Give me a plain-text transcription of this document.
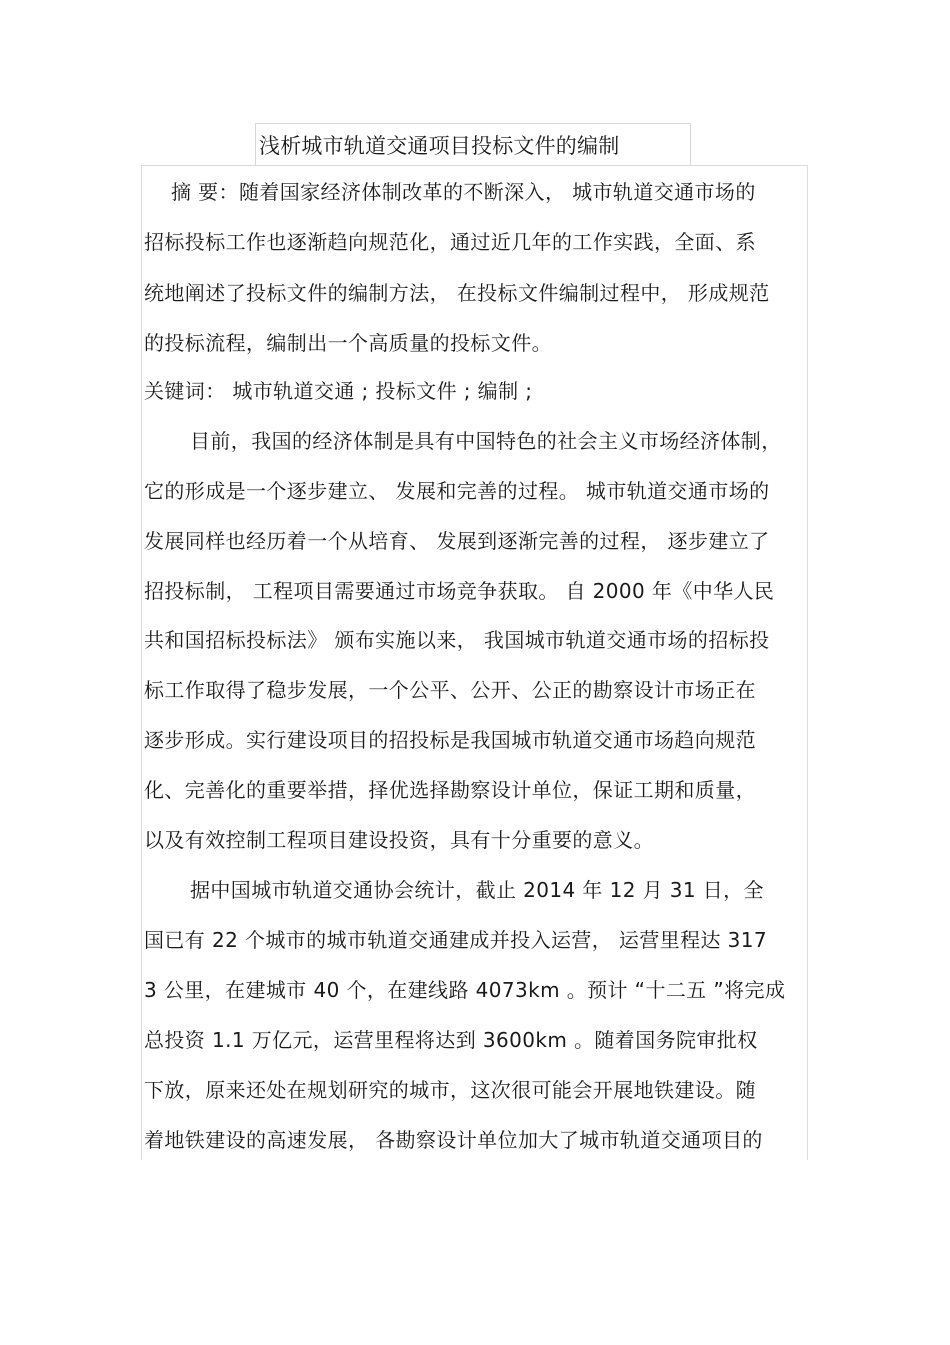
浅析城市轨道交通项目投标文件的编制
摘 要：随着国家经济体制改革的不断深入， 城市轨道交通市场的
招标投标工作也逐渐趋向规范化，通过近几年的工作实践，全面、系
统地阐述了投标文件的编制方法， 在投标文件编制过程中， 形成规范
的投标流程，编制出一个高质量的投标文件。
关键词： 城市轨道交通 ; 投标文件 ; 编制 ;
目前，我国的经济体制是具有中国特色的社会主义市场经济体制，
它的形成是一个逐步建立、 发展和完善的过程。 城市轨道交通市场的
发展同样也经历着一个从培育、 发展到逐渐完善的过程， 逐步建立了
招投标制， 工程项目需要通过市场竞争获取。 自 2000 年《中华人民
共和国招标投标法》 颁布实施以来， 我国城市轨道交通市场的招标投
标工作取得了稳步发展，一个公平、公开、公正的勘察设计市场正在
逐步形成。实行建设项目的招投标是我国城市轨道交通市场趋向规范
化、完善化的重要举措，择优选择勘察设计单位，保证工期和质量，
以及有效控制工程项目建设投资，具有十分重要的意义。
据中国城市轨道交通协会统计，截止 2014 年 12 月 31 日，全
国已有 22 个城市的城市轨道交通建成并投入运营， 运营里程达 317
3 公里，在建城市 40 个，在建线路 4073km 。预计 “十二五 ”将完成
总投资 1.1 万亿元，运营里程将达到 3600km 。随着国务院审批权
下放，原来还处在规划研究的城市，这次很可能会开展地铁建设。随
着地铁建设的高速发展， 各勘察设计单位加大了城市轨道交通项目的
